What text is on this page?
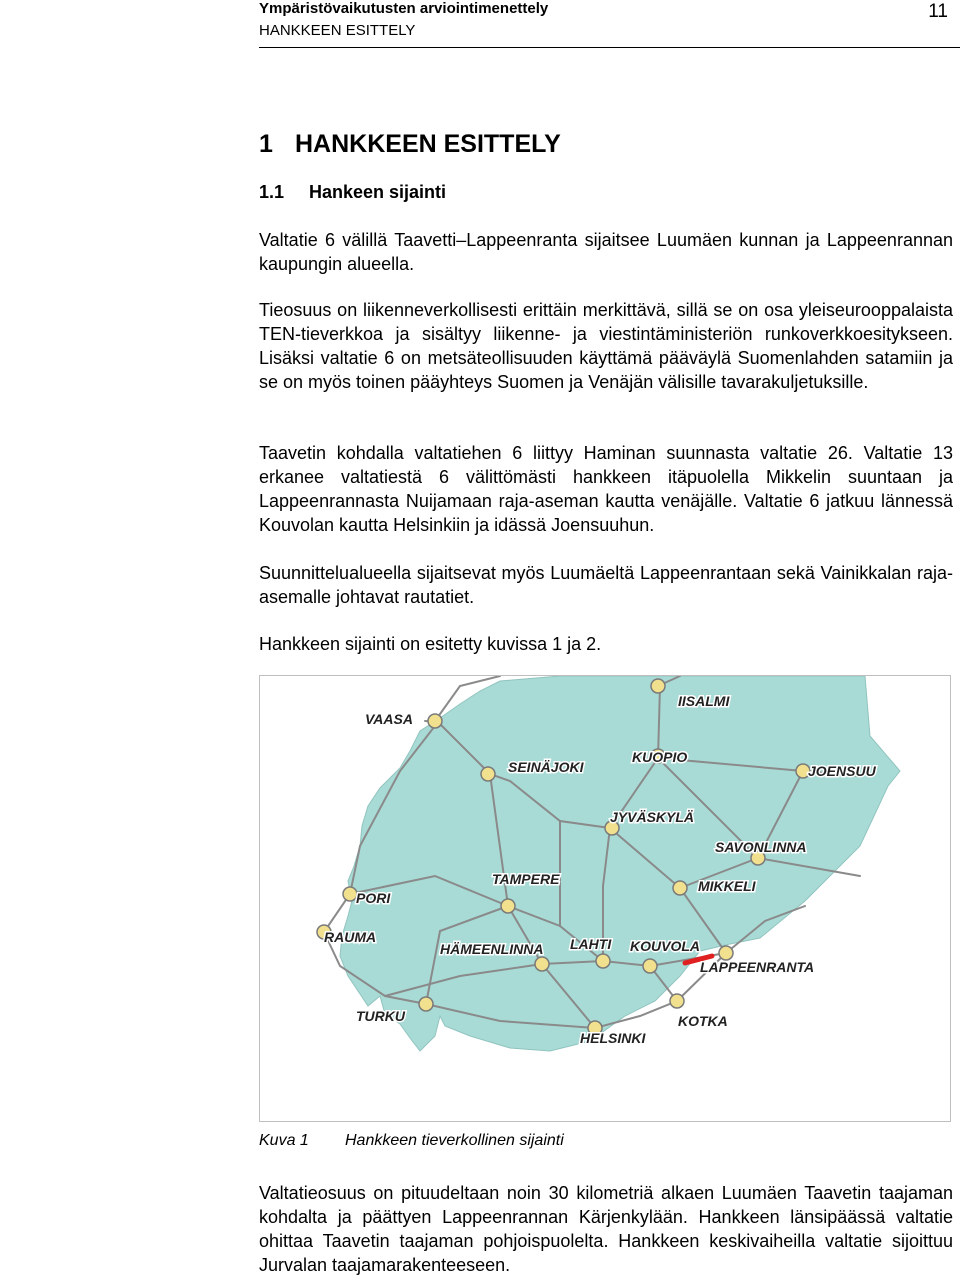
Ympäristövaikutusten arviointimenettely
HANKKEEN ESITTELY
11
1 HANKKEEN ESITTELY
1.1 Hankeen sijainti
Valtatie 6 välillä Taavetti–Lappeenranta sijaitsee Luumäen kunnan ja Lappeenrannan kaupungin alueella.
Tieosuus on liikenneverkollisesti erittäin merkittävä, sillä se on osa yleiseurooppalaista TEN-tieverkkoa ja sisältyy liikenne- ja viestintäministeriön runkoverkkoesitykseen. Lisäksi valtatie 6 on metsäteollisuuden käyttämä pääväylä Suomenlahden satamiin ja se on myös toinen pääyhteys Suomen ja Venäjän välisille tavarakuljetuksille.
Taavetin kohdalla valtatiehen 6 liittyy Haminan suunnasta valtatie 26. Valtatie 13 erkanee valtatiestä 6 välittömästi hankkeen itäpuolella Mikkelin suuntaan ja Lappeenrannasta Nuijamaan raja-aseman kautta venäjälle. Valtatie 6 jatkuu lännessä Kouvolan kautta Helsinkiin ja idässä Joensuuhun.
Suunnittelualueella sijaitsevat myös Luumäeltä Lappeenrantaan sekä Vainikkalan raja-asemalle johtavat rautatiet.
Hankkeen sijainti on esitetty kuvissa 1 ja 2.
IISALMI
VAASA
KUOPIO
JOENSUU
SEINÄJOKI
JYVÄSKYLÄ
SAVONLINNA
TAMPERE	MIKKELI
PORI
RAUMA
HÄMEENLINNA LAHTI KOUVOLA
LAPPEENRANTA
TURKU	KOTKA
HELSINKI
Kuva 1 Hankkeen tieverkollinen sijainti
Valtatieosuus on pituudeltaan noin 30 kilometriä alkaen Luumäen Taavetin taajaman kohdalta ja päättyen Lappeenrannan Kärjenkylään. Hankkeen länsipäässä valtatie ohittaa Taavetin taajaman pohjoispuolelta. Hankkeen keskivaiheilla valtatie sijoittuu Jurvalan taajamarakenteeseen.
